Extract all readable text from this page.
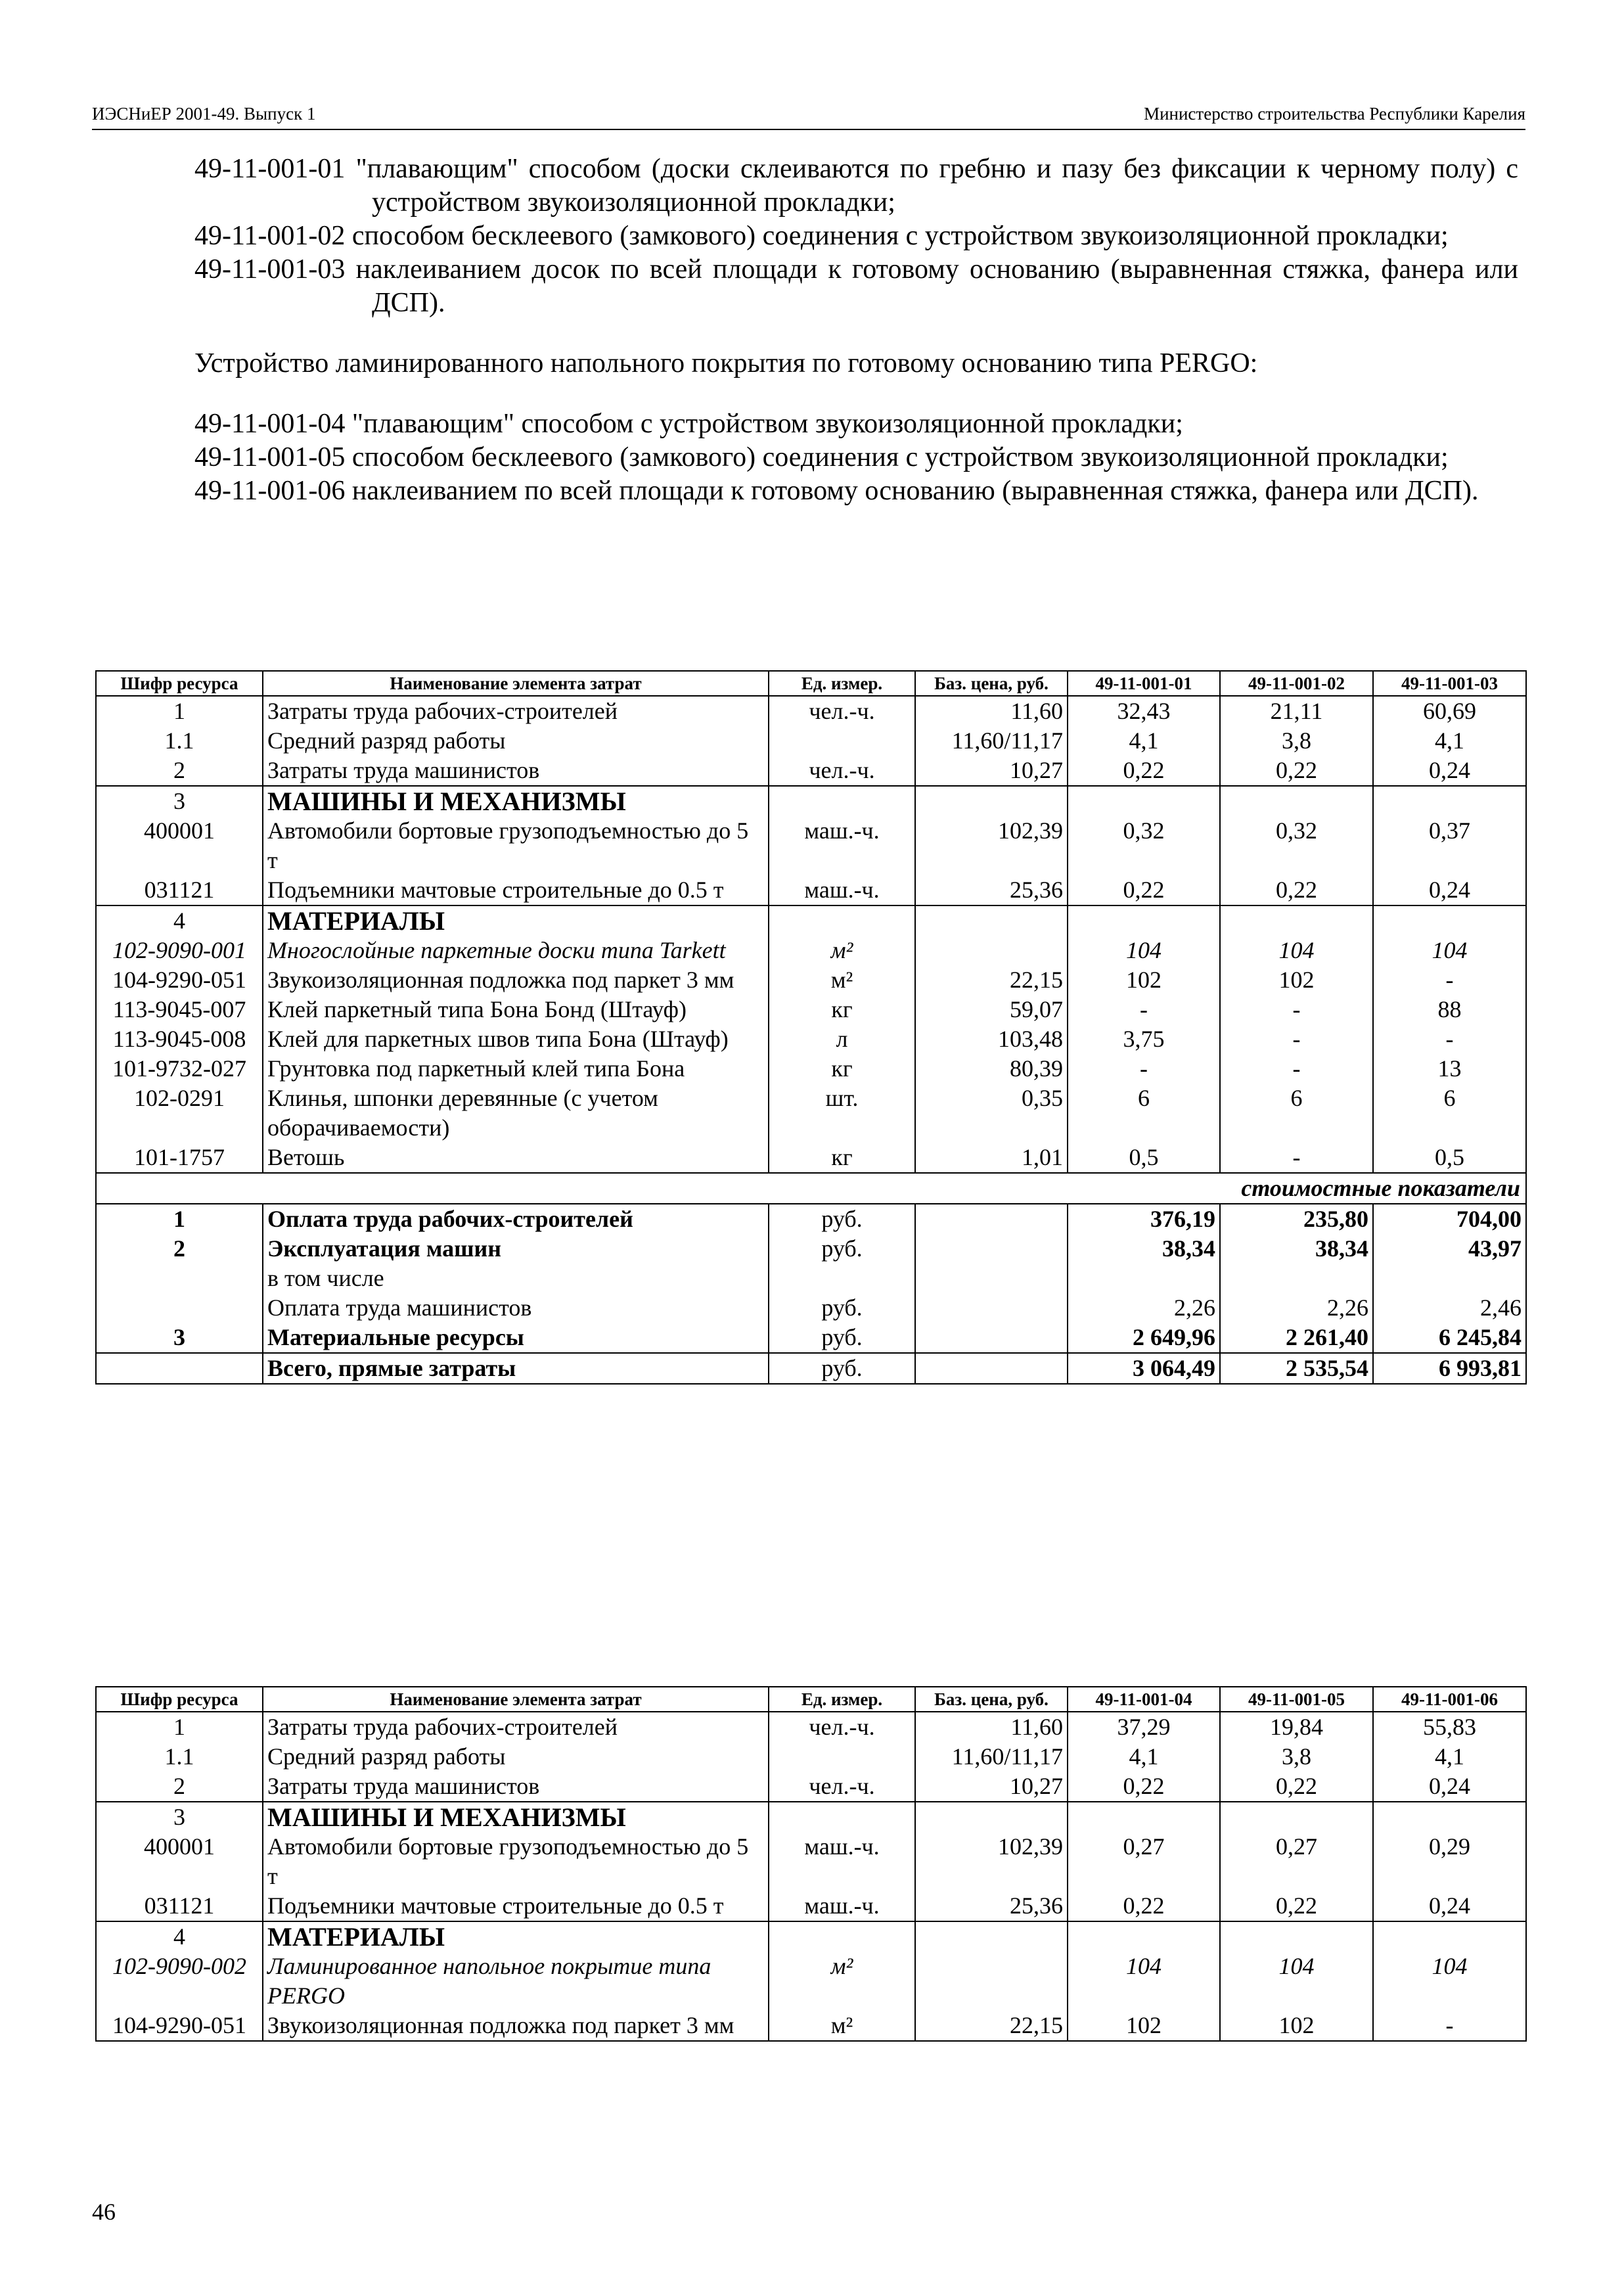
ИЭСНиЕР 2001-49. Выпуск 1	Министерство строительства Республики Карелия

49-11-001-01 "плавающим" способом (доски склеиваются по гребню и пазу без фиксации к черному полу) с устройством звукоизоляционной прокладки;

49-11-001-02 способом бесклеевого (замкового) соединения с устройством звукоизоляционной прокладки;

49-11-001-03 наклеиванием досок по всей площади к готовому основанию (выравненная стяжка, фанера или ДСП).

Устройство ламинированного напольного покрытия по готовому основанию типа PERGO:

49-11-001-04 "плавающим" способом с устройством звукоизоляционной прокладки;

49-11-001-05 способом бесклеевого (замкового) соединения с устройством звукоизоляционной прокладки;

49-11-001-06 наклеиванием по всей площади к готовому основанию (выравненная стяжка, фанера или ДСП).

Шифр ресурса	Наименование элемента затрат	Ед. измер.	Баз. цена, руб.	49-11-001-01	49-11-001-02	49-11-001-03
1	Затраты труда рабочих-строителей	чел.-ч.	11,60	32,43	21,11	60,69
1.1	Средний разряд работы		11,60/11,17	4,1	3,8	4,1
2	Затраты труда машинистов	чел.-ч.	10,27	0,22	0,22	0,24
3	МАШИНЫ И МЕХАНИЗМЫ					
400001	Автомобили бортовые грузоподъемностью до 5 т	маш.-ч.	102,39	0,32	0,32	0,37
031121	Подъемники мачтовые строительные до 0.5 т	маш.-ч.	25,36	0,22	0,22	0,24
4	МАТЕРИАЛЫ					
102-9090-001	Многослойные паркетные доски типа Tarkett	м²		104	104	104
104-9290-051	Звукоизоляционная подложка под паркет 3 мм	м²	22,15	102	102	-
113-9045-007	Клей паркетный типа Бона Бонд (Штауф)	кг	59,07	-	-	88
113-9045-008	Клей для паркетных швов типа Бона (Штауф)	л	103,48	3,75	-	-
101-9732-027	Грунтовка под паркетный клей типа Бона	кг	80,39	-	-	13
102-0291	Клинья, шпонки деревянные (с учетом оборачиваемости)	шт.	0,35	6	6	6
101-1757	Ветошь	кг	1,01	0,5	-	0,5
стоимостные показатели						
1	Оплата труда рабочих-строителей	руб.		376,19	235,80	704,00
2	Эксплуатация машин	руб.		38,34	38,34	43,97
	в том числе					
	Оплата труда машинистов	руб.		2,26	2,26	2,46
3	Материальные ресурсы	руб.		2 649,96	2 261,40	6 245,84
	Всего, прямые затраты	руб.		3 064,49	2 535,54	6 993,81
Шифр ресурса	Наименование элемента затрат	Ед. измер.	Баз. цена, руб.	49-11-001-04	49-11-001-05	49-11-001-06
1	Затраты труда рабочих-строителей	чел.-ч.	11,60	37,29	19,84	55,83
1.1	Средний разряд работы		11,60/11,17	4,1	3,8	4,1
2	Затраты труда машинистов	чел.-ч.	10,27	0,22	0,22	0,24
3	МАШИНЫ И МЕХАНИЗМЫ					
400001	Автомобили бортовые грузоподъемностью до 5 т	маш.-ч.	102,39	0,27	0,27	0,29
031121	Подъемники мачтовые строительные до 0.5 т	маш.-ч.	25,36	0,22	0,22	0,24
4	МАТЕРИАЛЫ					
102-9090-002	Ламинированное напольное покрытие типа PERGO	м²		104	104	104
104-9290-051	Звукоизоляционная подложка под паркет 3 мм	м²	22,15	102	102	-
46
